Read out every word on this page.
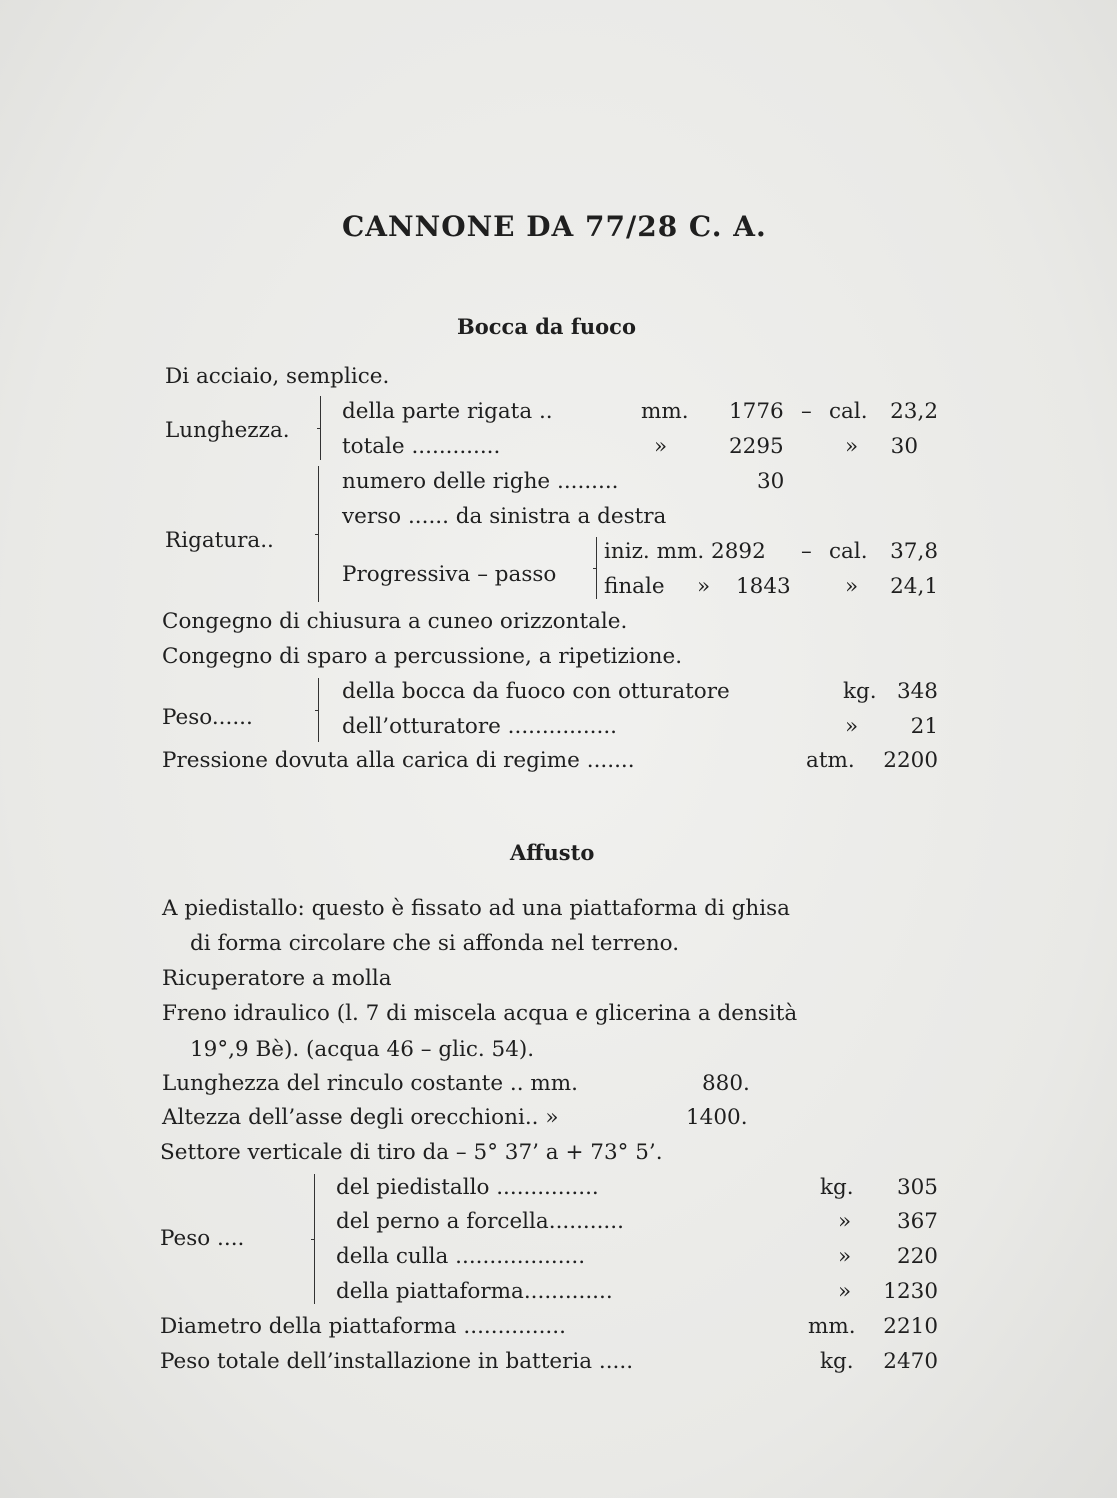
CANNONE DA 77/28 C. A.
Bocca da fuoco
Di acciaio, semplice.
Lunghezza.
della parte rigata ..	mm. 1776 – cal.	23,2
totale .............	»	2295	»	30
Rigatura..
numero delle righe .........	30
verso ...... da sinistra a destra
Progressiva – passo
iniz. mm. 2892 – cal.	37,8
finale » 1843	»	24,1
Congegno di chiusura a cuneo orizzontale.
Congegno di sparo a percussione, a ripetizione.
Peso......
della bocca da fuoco con otturatore	kg. 348
dell’otturatore ................	»	21
Pressione dovuta alla carica di regime .......	atm.	2200
Affusto
A piedistallo: questo è fissato ad una piattaforma di ghisa
di forma circolare che si affonda nel terreno.
Ricuperatore a molla
Freno idraulico (l. 7 di miscela acqua e glicerina a densità
19°,9 Bè). (acqua 46 – glic. 54).
Lunghezza del rinculo costante .. mm.	880.
Altezza dell’asse degli orecchioni.. »	1400.
Settore verticale di tiro da – 5° 37’ a + 73° 5’.
Peso ....
del piedistallo ...............	kg.	305
del perno a forcella...........	»	367
della culla ...................	»	220
della piattaforma.............	»	1230
Diametro della piattaforma ...............	mm.	2210
Peso totale dell’installazione in batteria .....	kg.	2470
